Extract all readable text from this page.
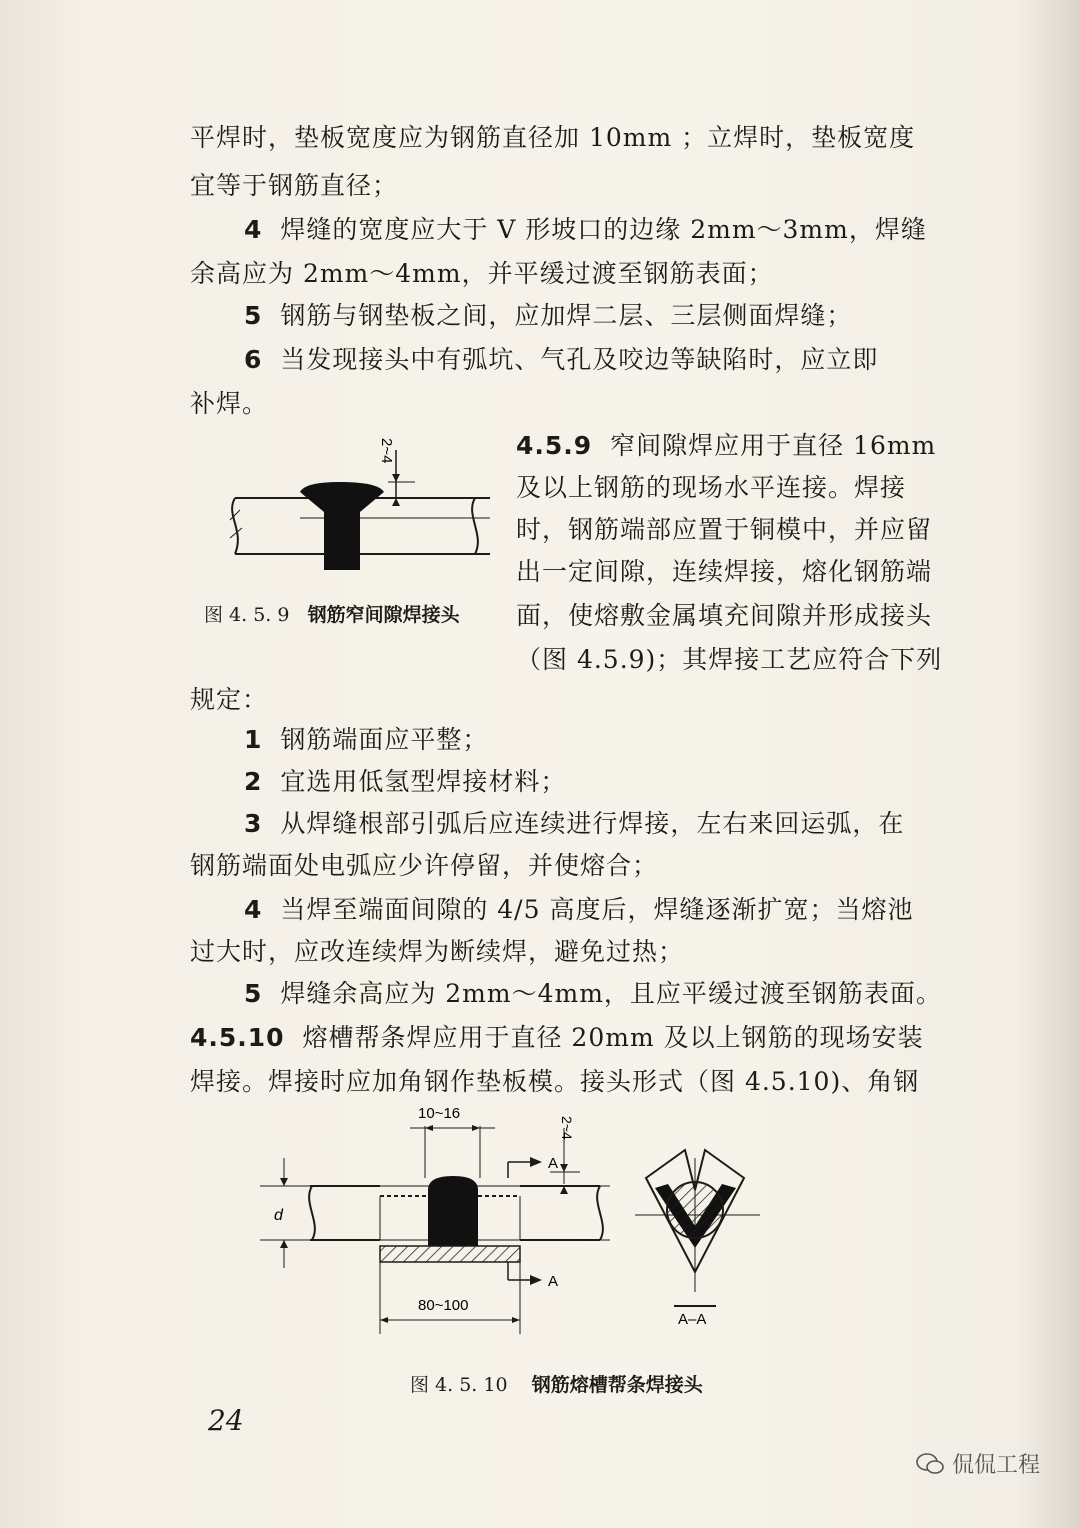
平焊时，垫板宽度应为钢筋直径加 10mm ；立焊时，垫板宽度
宜等于钢筋直径；
4 焊缝的宽度应大于 V 形坡口的边缘 2mm～3mm，焊缝
余高应为 2mm～4mm，并平缓过渡至钢筋表面；
5 钢筋与钢垫板之间，应加焊二层、三层侧面焊缝；
6 当发现接头中有弧坑、气孔及咬边等缺陷时，应立即
补焊。
4.5.9 窄间隙焊应用于直径 16mm
及以上钢筋的现场水平连接。焊接
时，钢筋端部应置于铜模中，并应留
出一定间隙，连续焊接，熔化钢筋端
面，使熔敷金属填充间隙并形成接头
（图 4.5.9)；其焊接工艺应符合下列
规定：
2~4
图 4. 5. 9 钢筋窄间隙焊接头
1 钢筋端面应平整；
2 宜选用低氢型焊接材料；
3 从焊缝根部引弧后应连续进行焊接，左右来回运弧，在
钢筋端面处电弧应少许停留，并使熔合；
4 当焊至端面间隙的 4/5 高度后，焊缝逐渐扩宽；当熔池
过大时，应改连续焊为断续焊，避免过热；
5 焊缝余高应为 2mm～4mm，且应平缓过渡至钢筋表面。
4.5.10 熔槽帮条焊应用于直径 20mm 及以上钢筋的现场安装
焊接。焊接时应加角钢作垫板模。接头形式（图 4.5.10)、角钢
10~16
2~4
A
d
A
80~100
A–A
图 4. 5. 10 钢筋熔槽帮条焊接头
24
侃侃工程
